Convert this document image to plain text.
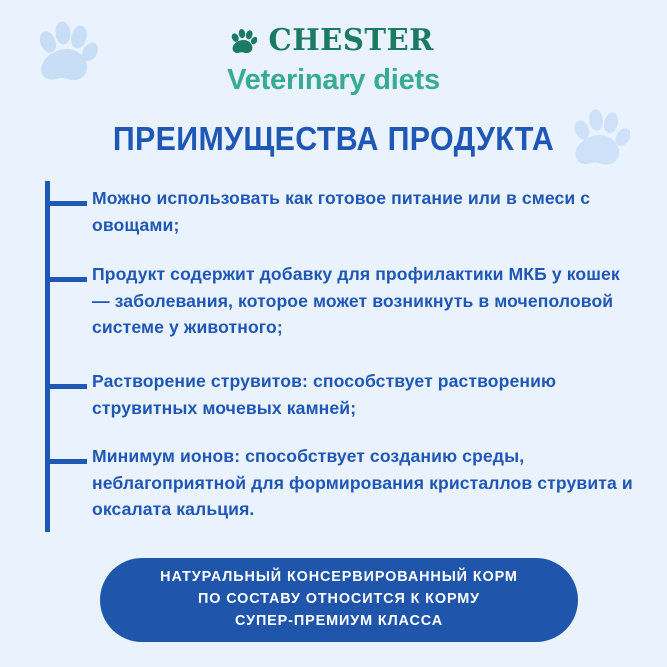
CHESTER
Veterinary diets
ПРЕИМУЩЕСТВА ПРОДУКТА
Можно использовать как готовое питание или в смеси с овощами;
Продукт содержит добавку для профилактики МКБ у кошек — заболевания, которое может возникнуть в мочеполовой системе у животного;
Растворение струвитов: способствует растворению струвитных мочевых камней;
Минимум ионов: способствует созданию среды, неблагоприятной для формирования кристаллов струвита и оксалата кальция.
НАТУРАЛЬНЫЙ КОНСЕРВИРОВАННЫЙ КОРМ
ПО СОСТАВУ ОТНОСИТСЯ К КОРМУ
СУПЕР-ПРЕМИУМ КЛАССА
